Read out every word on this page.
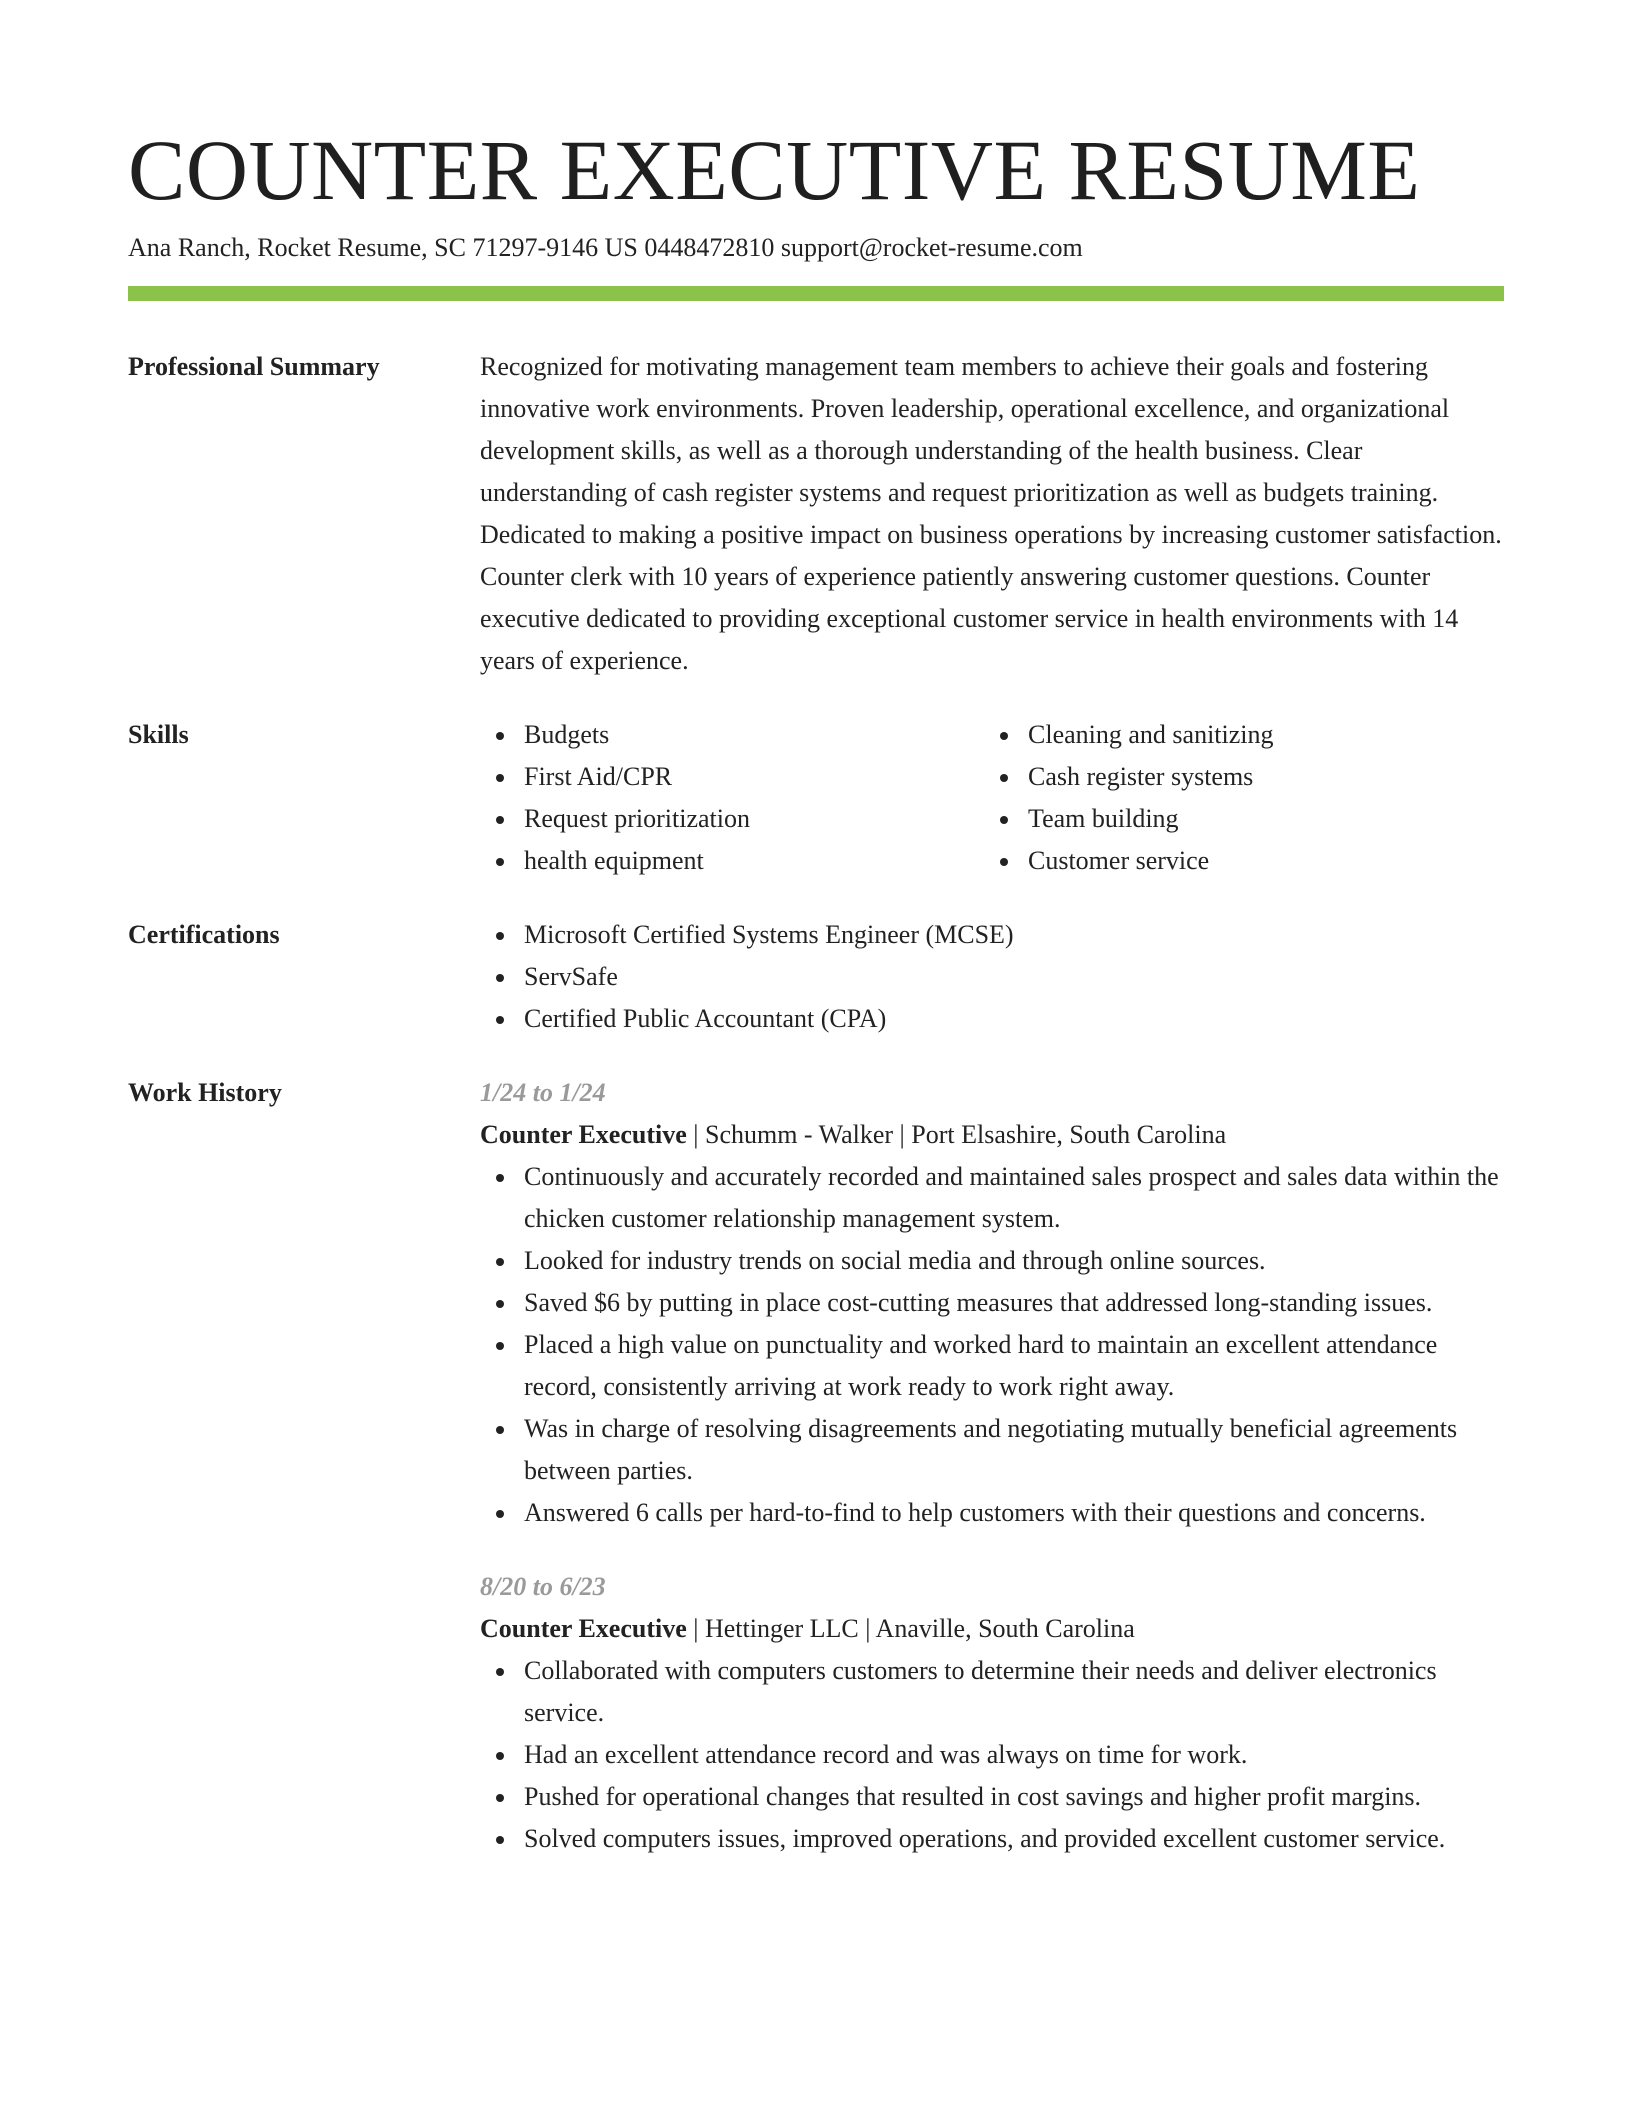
COUNTER EXECUTIVE RESUME
Ana Ranch, Rocket Resume, SC 71297-9146 US 0448472810 support@rocket-resume.com
Professional Summary	Recognized for motivating management team members to achieve their goals and fostering innovative work environments. Proven leadership, operational excellence, and organizational development skills, as well as a thorough understanding of the health business. Clear understanding of cash register systems and request prioritization as well as budgets training. Dedicated to making a positive impact on business operations by increasing customer satisfaction. Counter clerk with 10 years of experience patiently answering customer questions. Counter executive dedicated to providing exceptional customer service in health environments with 14 years of experience.

Skills	Budgets
First Aid/CPR
Request prioritization
health equipment
Cleaning and sanitizing
Cash register systems
Team building
Customer service
Certifications	Microsoft Certified Systems Engineer (MCSE)
ServSafe
Certified Public Accountant (CPA)
Work History	1/24 to 1/24
Counter Executive | Schumm - Walker | Port Elsashire, South Carolina
Continuously and accurately recorded and maintained sales prospect and sales data within the chicken customer relationship management system.
Looked for industry trends on social media and through online sources.
Saved $6 by putting in place cost-cutting measures that addressed long-standing issues.
Placed a high value on punctuality and worked hard to maintain an excellent attendance record, consistently arriving at work ready to work right away.
Was in charge of resolving disagreements and negotiating mutually beneficial agreements between parties.
Answered 6 calls per hard-to-find to help customers with their questions and concerns.
8/20 to 6/23
Counter Executive | Hettinger LLC | Anaville, South Carolina
Collaborated with computers customers to determine their needs and deliver electronics service.
Had an excellent attendance record and was always on time for work.
Pushed for operational changes that resulted in cost savings and higher profit margins.
Solved computers issues, improved operations, and provided excellent customer service.
